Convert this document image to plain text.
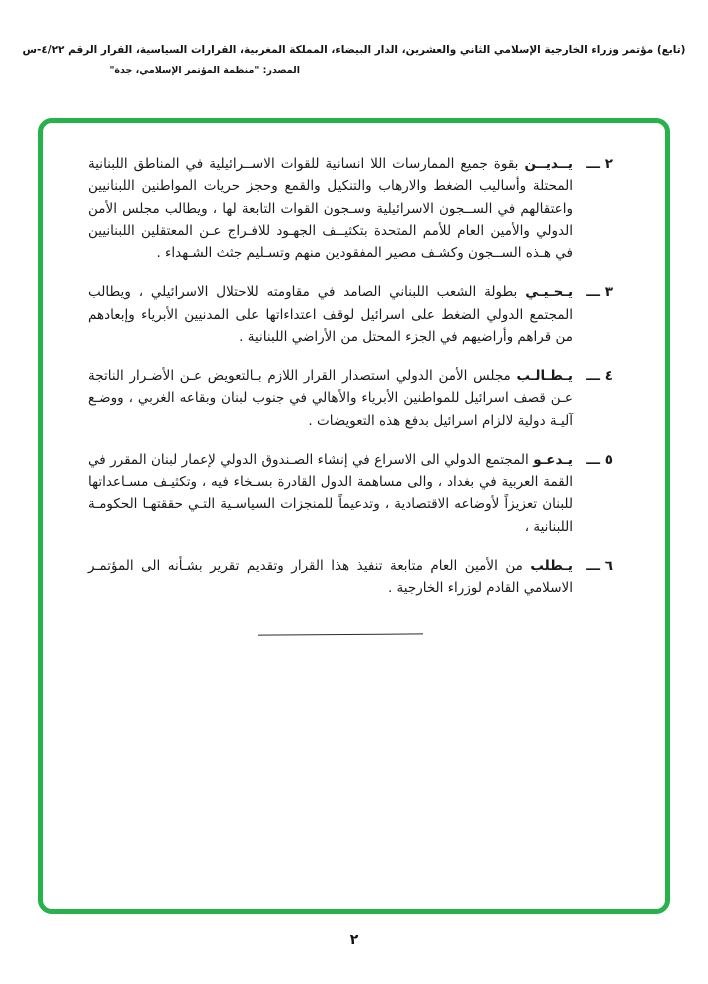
(تابع) مؤتمر وزراء الخارجية الإسلامي الثاني والعشرين، الدار البيضاء، المملكة المغربية، القرارات السياسية، القرار الرقم ٤/٢٢-س
المصدر: "منظمة المؤتمر الإسلامي، جدة"
٢ ـــ

يــديــن بقوة جميع الممارسات اللا انسانية للقوات الاســرائيلية في المناطق اللبنانية المحتلة وأساليب الضغط والارهاب والتنكيل والقمع وحجز حريات المواطنين اللبنانيين واعتقالهم في الســجون الاسرائيلية وسـجون القوات التابعة لها ، ويطالب مجلس الأمن الدولي والأمين العام للأمم المتحدة بتكثيــف الجهـود للافـراج عـن المعتقلين اللبنانيين في هـذه الســجون وكشـف مصير المفقودين منهم وتسـليم جثث الشـهداء .

٣ ـــ

يـحـيـي بطولة الشعب اللبناني الصامد في مقاومته للاحتلال الاسرائيلي ، ويطالب المجتمع الدولي الضغط على اسرائيل لوقف اعتداءاتها على المدنيين الأبرياء وإبعادهم من قراهم وأراضيهم في الجزء المحتل من الأراضي اللبنانية .

٤ ـــ

يـطـالـب مجلس الأمن الدولي استصدار القرار اللازم بـالتعويض عـن الأضـرار الناتجة عـن قصف اسرائيل للمواطنين الأبرياء والأهالي في جنوب لبنان وبقاعه الغربي ، ووضـع آليـة دولية لالزام اسرائيل بدفع هذه التعويضات .

٥ ـــ

يـدعـو المجتمع الدولي الى الاسراع في إنشاء الصـندوق الدولي لإعمار لبنان المقرر في القمة العربية في بغداد ، والى مساهمة الدول القادرة بسـخاء فيه ، وتكثيـف مسـاعداتها للبنان تعزيزاً لأوضاعه الاقتصادية ، وتدعيماً للمنجزات السياسـية التـي حققتهـا الحكومـة اللبنانية ،

٦ ـــ

يـطلب من الأمين العام متابعة تنفيذ هذا القرار وتقديم تقرير بشـأنه الى المؤتمـر الاسلامي القادم لوزراء الخارجية .

٢
